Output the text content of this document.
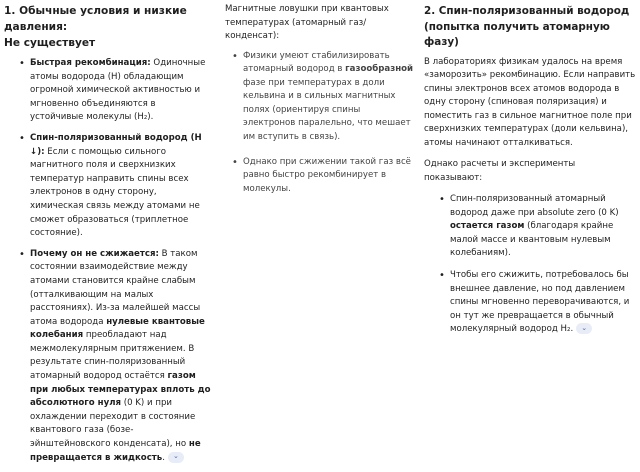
1. Обычные условия и низкие давления:
Не существует
• Быстрая рекомбинация: Одиночные атомы водорода (H) обладающим огромной химической активностью и мгновенно объединяются в устойчивые молекулы (H₂).
• Спин-поляризованный водород (H ↓): Если с помощью сильного магнитного поля и сверхнизких температур направить спины всех электронов в одну сторону, химическая связь между атомами не сможет образоваться (триплетное состояние).
• Почему он не сжижается: В таком состоянии взаимодействие между атомами становится крайне слабым (отталкивающим на малых расстояниях). Из-за малейшей массы атома водорода нулевые квантовые колебания преобладают над межмолекулярным притяжением. В результате спин-поляризованный атомарный водород остаётся газом при любых температурах вплоть до абсолютного нуля (0 K) и при охлаждении переходит в состояние квантового газа (бозе-эйнштейновского конденсата), но не превращается в жидкость. ⌄
Магнитные ловушки при квантовых температурах (атомарный газ/конденсат):
• Физики умеют стабилизировать атомарный водород в газообразной фазе при температурах в доли кельвина и в сильных магнитных полях (ориентируя спины электронов паралельно, что мешает им вступить в связь).
• Однако при сжижении такой газ всё равно быстро рекомбинирует в молекулы.
2. Спин-поляризованный водород (попытка получить атомарную фазу)
В лабораториях физикам удалось на время «заморозить» рекомбинацию. Если направить спины электронов всех атомов водорода в одну сторону (спиновая поляризация) и поместить газ в сильное магнитное поле при сверхнизких температурах (доли кельвина), атомы начинают отталкиваться.
Однако расчеты и эксперименты показывают:
• Спин-поляризованный атомарный водород даже при absolute zero (0 K) остается газом (благодаря крайне малой массе и квантовым нулевым колебаниям).
• Чтобы его сжижить, потребовалось бы внешнее давление, но под давлением спины мгновенно переворачиваются, и он тут же превращается в обычный молекулярный водород H₂. ⌄
